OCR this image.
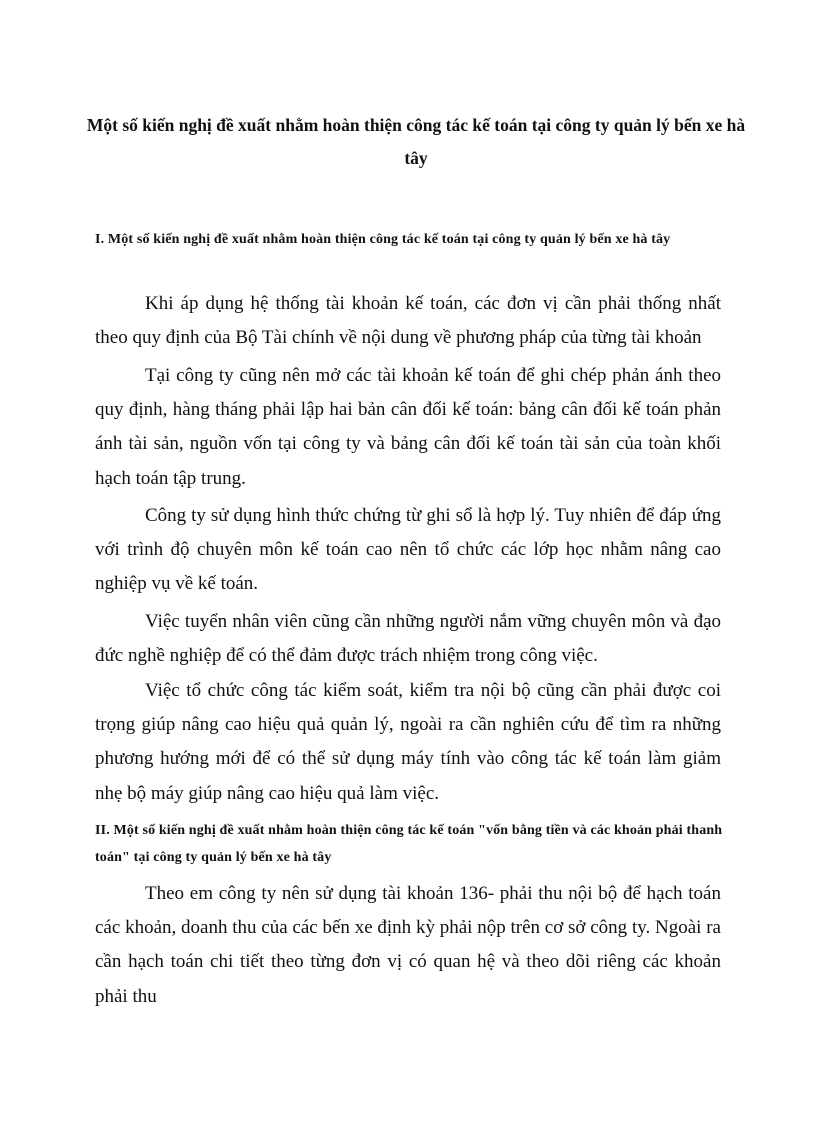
Một số kiến nghị đề xuất nhằm hoàn thiện công tác kế toán tại công ty quản lý bến xe hà tây
I. Một số kiến nghị đề xuất nhằm hoàn thiện công tác kế toán tại công ty quản lý bến xe hà tây

Khi áp dụng hệ thống tài khoản kế toán, các đơn vị cần phải thống nhất theo quy định của Bộ Tài chính về nội dung về phương pháp của từng tài khoản

Tại công ty cũng nên mở các tài khoản kế toán để ghi chép phản ánh theo quy định, hàng tháng phải lập hai bản cân đối kế toán: bảng cân đối kế toán phản ánh tài sản, nguồn vốn tại công ty và bảng cân đối kế toán tài sản của toàn khối hạch toán tập trung.

Công ty sử dụng hình thức chứng từ ghi sổ là hợp lý. Tuy nhiên để đáp ứng với trình độ chuyên môn kế toán cao nên tổ chức các lớp học nhằm nâng cao nghiệp vụ về kế toán.

Việc tuyển nhân viên cũng cần những người nắm vững chuyên môn và đạo đức nghề nghiệp để có thể đảm được trách nhiệm trong công việc.

Việc tổ chức công tác kiểm soát, kiểm tra nội bộ cũng cần phải được coi trọng giúp nâng cao hiệu quả quản lý, ngoài ra cần nghiên cứu để tìm ra những phương hướng mới để có thể sử dụng máy tính vào công tác kế toán làm giảm nhẹ bộ máy giúp nâng cao hiệu quả làm việc.

II. Một số kiến nghị đề xuất nhằm hoàn thiện công tác kế toán "vốn bằng tiền và các khoản phải thanh toán" tại công ty quản lý bến xe hà tây

Theo em công ty nên sử dụng tài khoản 136- phải thu nội bộ để hạch toán các khoản, doanh thu của các bến xe định kỳ phải nộp trên cơ sở công ty. Ngoài ra cần hạch toán chi tiết theo từng đơn vị có quan hệ và theo dõi riêng các khoản phải thu
